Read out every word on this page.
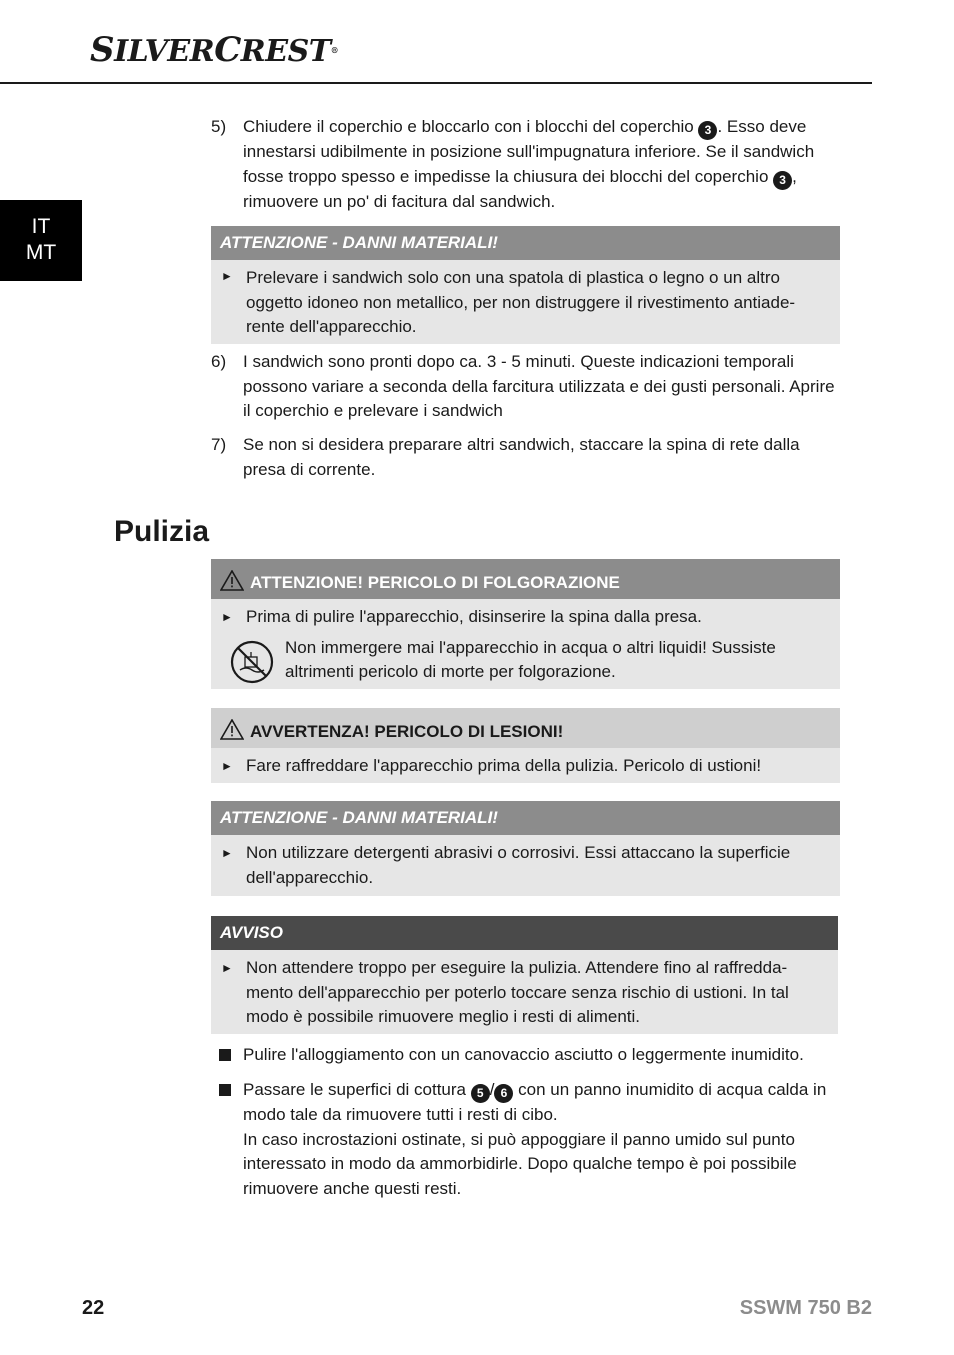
SILVERCREST®
IT
MT
5) Chiudere il coperchio e bloccarlo con i blocchi del coperchio 3 . Esso deve innestarsi udibilmente in posizione sull'impugnatura inferiore. Se il sandwich fosse troppo spesso e impedisse la chiusura dei blocchi del coperchio 3 , rimuovere un po' di facitura dal sandwich.
ATTENZIONE - DANNI MATERIALI!
► Prelevare i sandwich solo con una spatola di plastica o legno o un altro oggetto idoneo non metallico, per non distruggere il rivestimento antiade-rente dell'apparecchio.
6) I sandwich sono pronti dopo ca. 3 - 5 minuti. Queste indicazioni temporali possono variare a seconda della farcitura utilizzata e dei gusti personali. Aprire il coperchio e prelevare i sandwich
7) Se non si desidera preparare altri sandwich, staccare la spina di rete dalla presa di corrente.
Pulizia
ATTENZIONE! PERICOLO DI FOLGORAZIONE
► Prima di pulire l'apparecchio, disinserire la spina dalla presa.
Non immergere mai l'apparecchio in acqua o altri liquidi! Sussiste altrimenti pericolo di morte per folgorazione.
AVVERTENZA! PERICOLO DI LESIONI!
► Fare raffreddare l'apparecchio prima della pulizia. Pericolo di ustioni!
ATTENZIONE - DANNI MATERIALI!
► Non utilizzare detergenti abrasivi o corrosivi. Essi attaccano la superficie dell'apparecchio.
AVVISO
► Non attendere troppo per eseguire la pulizia. Attendere fino al raffredda-mento dell'apparecchio per poterlo toccare senza rischio di ustioni. In tal modo è possibile rimuovere meglio i resti di alimenti.
Pulire l'alloggiamento con un canovaccio asciutto o leggermente inumidito.
Passare le superfici di cottura 5 / 6 con un panno inumidito di acqua calda in modo tale da rimuovere tutti i resti di cibo.
In caso incrostazioni ostinate, si può appoggiare il panno umido sul punto interessato in modo da ammorbidirle. Dopo qualche tempo è poi possibile rimuovere anche questi resti.
22	SSWM 750 B2
